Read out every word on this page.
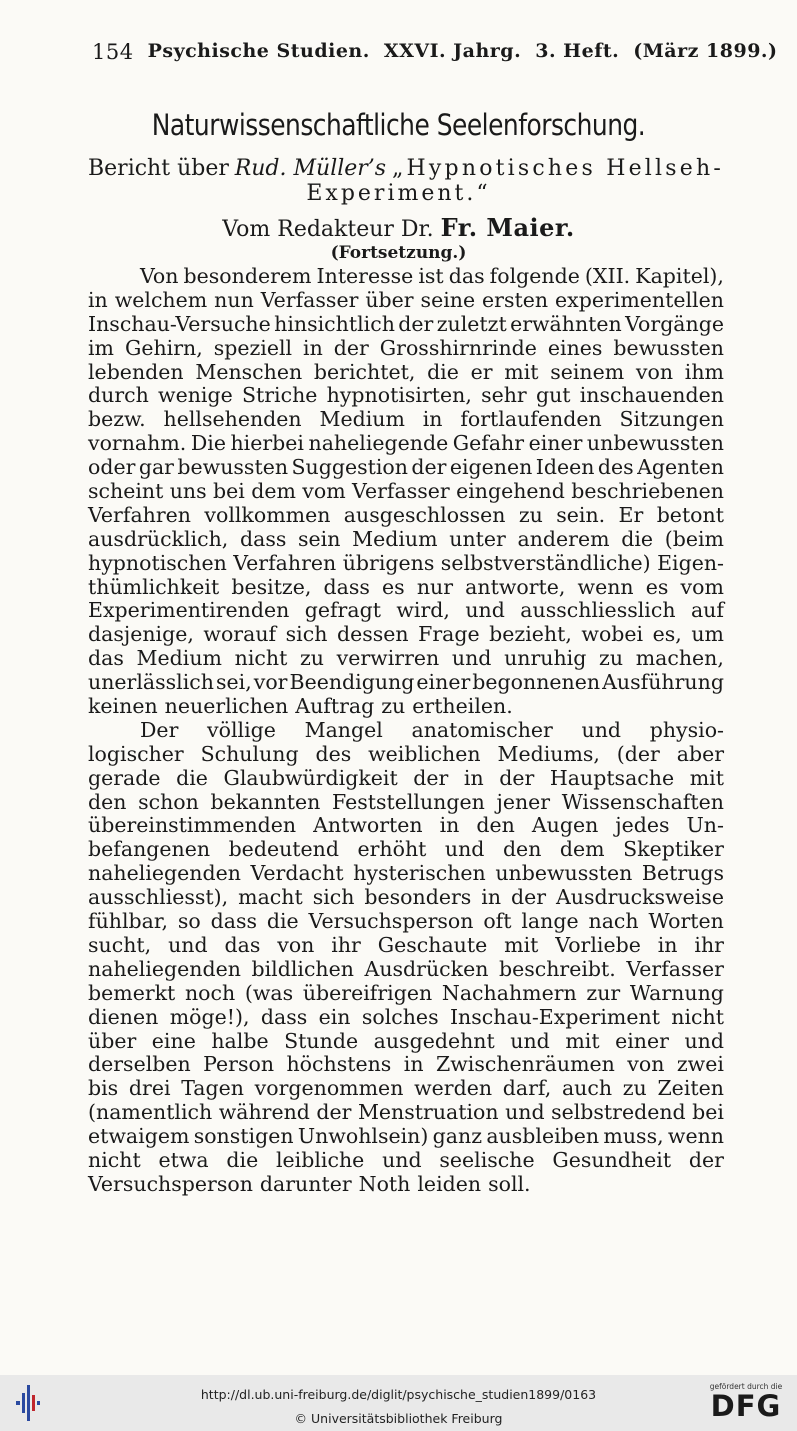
154 Psychische Studien. XXVI. Jahrg. 3. Heft. (März 1899.)
Naturwissenschaftliche Seelenforschung.
Bericht über Rud. Müller’s „Hypnotisches Hellseh-
Experiment.“
Vom Redakteur Dr. Fr. Maier.
(Fortsetzung.)
Von besonderem Interesse ist das folgende (XII. Kapitel),
in welchem nun Verfasser über seine ersten experimentellen
Inschau-Versuche hinsichtlich der zuletzt erwähnten Vorgänge
im Gehirn, speziell in der Grosshirnrinde eines bewussten
lebenden Menschen berichtet, die er mit seinem von ihm
durch wenige Striche hypnotisirten, sehr gut inschauenden
bezw. hellsehenden Medium in fortlaufenden Sitzungen
vornahm. Die hierbei naheliegende Gefahr einer unbewussten
oder gar bewussten Suggestion der eigenen Ideen des Agenten
scheint uns bei dem vom Verfasser eingehend beschriebenen
Verfahren vollkommen ausgeschlossen zu sein. Er betont
ausdrücklich, dass sein Medium unter anderem die (beim
hypnotischen Verfahren übrigens selbstverständliche) Eigen-
thümlichkeit besitze, dass es nur antworte, wenn es vom
Experimentirenden gefragt wird, und ausschliesslich auf
dasjenige, worauf sich dessen Frage bezieht, wobei es, um
das Medium nicht zu verwirren und unruhig zu machen,
unerlässlich sei, vor Beendigung einer begonnenen Ausführung
keinen neuerlichen Auftrag zu ertheilen.
Der völlige Mangel anatomischer und physio-
logischer Schulung des weiblichen Mediums, (der aber
gerade die Glaubwürdigkeit der in der Hauptsache mit
den schon bekannten Feststellungen jener Wissenschaften
übereinstimmenden Antworten in den Augen jedes Un-
befangenen bedeutend erhöht und den dem Skeptiker
naheliegenden Verdacht hysterischen unbewussten Betrugs
ausschliesst), macht sich besonders in der Ausdrucksweise
fühlbar, so dass die Versuchsperson oft lange nach Worten
sucht, und das von ihr Geschaute mit Vorliebe in ihr
naheliegenden bildlichen Ausdrücken beschreibt. Verfasser
bemerkt noch (was übereifrigen Nachahmern zur Warnung
dienen möge!), dass ein solches Inschau-Experiment nicht
über eine halbe Stunde ausgedehnt und mit einer und
derselben Person höchstens in Zwischenräumen von zwei
bis drei Tagen vorgenommen werden darf, auch zu Zeiten
(namentlich während der Menstruation und selbstredend bei
etwaigem sonstigen Unwohlsein) ganz ausbleiben muss, wenn
nicht etwa die leibliche und seelische Gesundheit der
Versuchsperson darunter Noth leiden soll.
http://dl.ub.uni-freiburg.de/diglit/psychische_studien1899/0163
© Universitätsbibliothek Freiburg
gefördert durch die
DFG
